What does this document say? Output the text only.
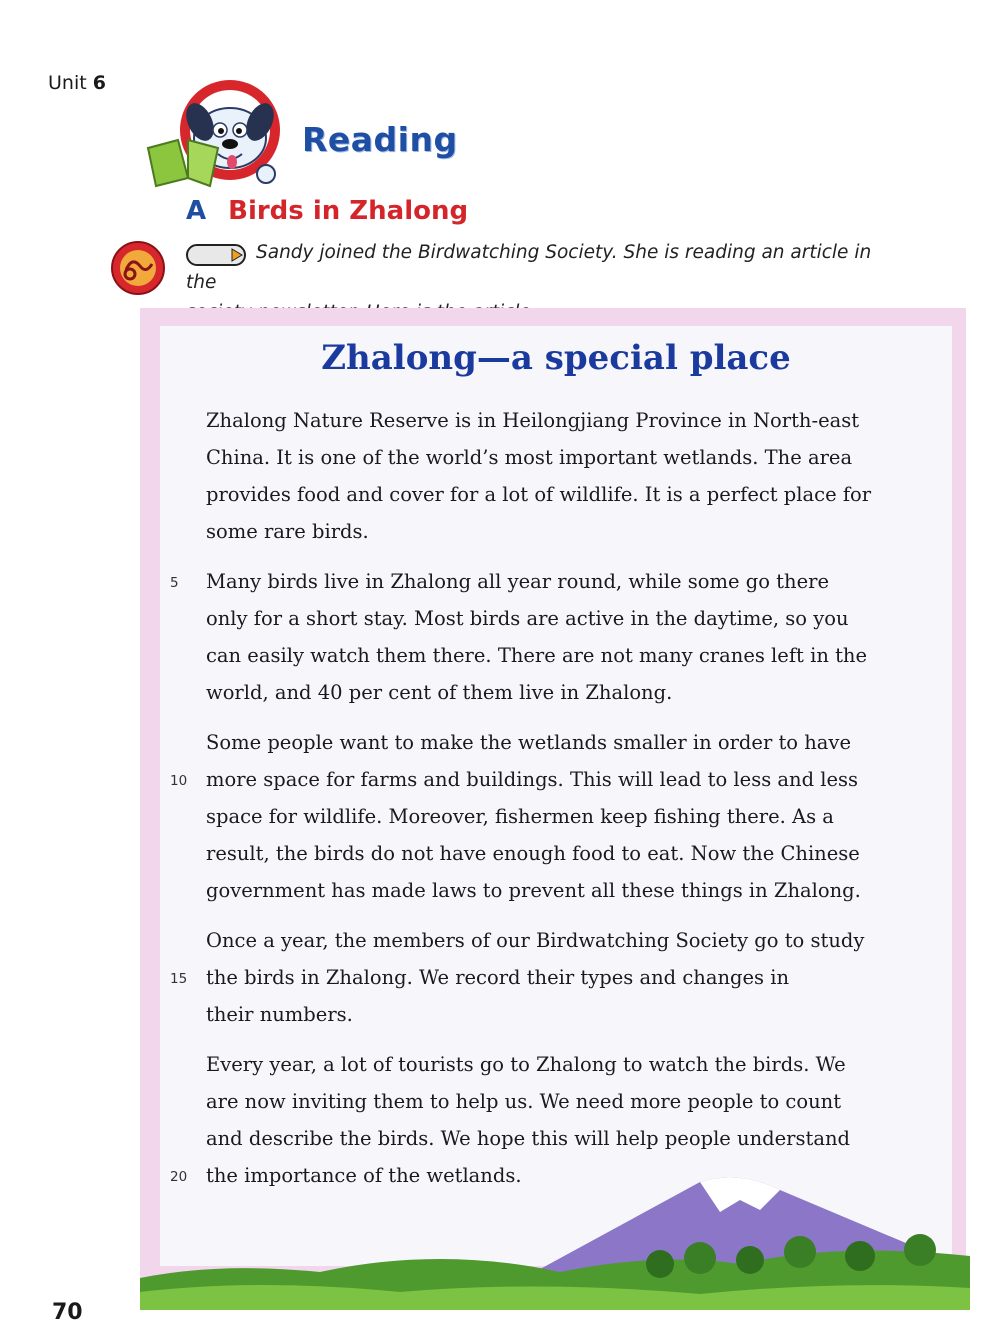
Unit 6
Reading
A Birds in Zhalong
Sandy joined the Birdwatching Society. She is reading an article in the

Zhalong—a special place

Zhalong Nature Reserve is in Heilongjiang Province in North-east
China. It is one of the world’s most important wetlands. The area
provides food and cover for a lot of wildlife. It is a perfect place for
some rare birds.

Many birds live in Zhalong all year round, while some go there
only for a short stay. Most birds are active in the daytime, so you
can easily watch them there. There are not many cranes left in the
world, and 40 per cent of them live in Zhalong.

5

Some people want to make the wetlands smaller in order to have
more space for farms and buildings. This will lead to less and less
space for wildlife. Moreover, fishermen keep fishing there. As a
result, the birds do not have enough food to eat. Now the Chinese
government has made laws to prevent all these things in Zhalong.

10

Once a year, the members of our Birdwatching Society go to study
the birds in Zhalong. We record their types and changes in
their numbers.

15

Every year, a lot of tourists go to Zhalong to watch the birds. We
are now inviting them to help us. We need more people to count
and describe the birds. We hope this will help people understand
the importance of the wetlands.

20
70
